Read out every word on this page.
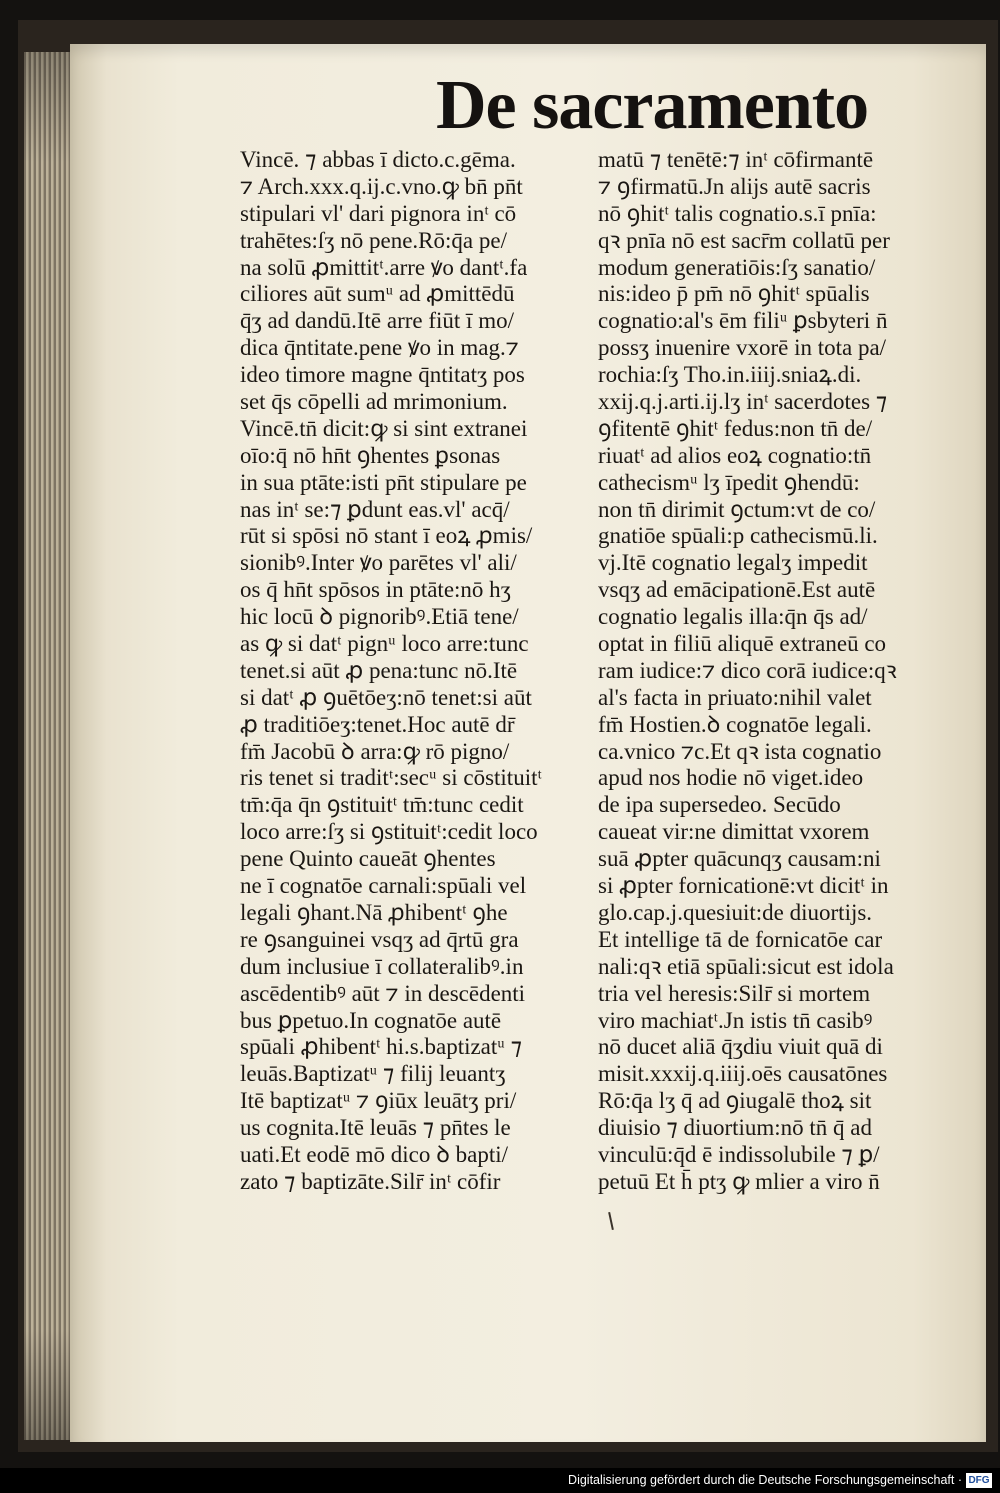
De sacramento
Vincē. ⁊ abbas ī dicto.c.gēma.
⁊ Arch.xxx.q.ij.c.vno.ꝙ bn̄ pn̄t
stipulari vl' dari pignora inᵗ cō
trahētes:ſʒ nō pene.Rō:q̄a pe/
na solū ꝓmittitᵗ.arre ꝟo dantᵗ.fa
ciliores aūt sumᵘ ad ꝓmittēdū
q̄ʒ ad dandū.Itē arre fiūt ī mo/
dica q̄ntitate.pene ꝟo in mag.⁊
ideo timore magne q̄ntitatʒ pos
set q̄s cōpelli ad mrimonium.
Vincē.tn̄ dicit:ꝙ si sint extranei
oīo:q̄ nō hn̄t ꝯhentes ꝑsonas
in sua ptāte:isti pn̄t stipulare pe
nas inᵗ se:⁊ ꝑdunt eas.vl' acq̄/
rūt si spōsi nō stant ī eoꝝ ꝓmis/
sionibꝰ.Inter ꝟo parētes vl' ali/
os q̄ hn̄t spōsos in ptāte:nō hʒ
hic locū ꝺ pignoribꝰ.Etiā tene/
as ꝙ si datᵗ pignᵘ loco arre:tunc
tenet.si aūt ꝓ pena:tunc nō.Itē
si datᵗ ꝓ ꝯuētōeʒ:nō tenet:si aūt
ꝓ traditiōeʒ:tenet.Hoc autē dr̄
fm̄ Jacobū ꝺ arra:ꝙ rō pigno/
ris tenet si traditᵗ:secᵘ si cōstituitᵗ
tm̄:q̄a q̄n ꝯstituitᵗ tm̄:tunc cedit
loco arre:ſʒ si ꝯstituitᵗ:cedit loco
pene Quinto caueāt ꝯhentes
ne ī cognatōe carnali:spūali vel
legali ꝯhant.Nā ꝓhibentᵗ ꝯhe
re ꝯsanguinei vsqʒ ad q̄rtū gra
dum inclusiue ī collateralibꝰ.in
ascēdentibꝰ aūt ⁊ in descēdenti
bus ꝑpetuo.In cognatōe autē
spūali ꝓhibentᵗ hi.s.baptizatᵘ ⁊
leuās.Baptizatᵘ ⁊ filij leuantʒ
Itē baptizatᵘ ⁊ ꝯiūx leuātʒ pri/
us cognita.Itē leuās ⁊ pn̄tes le
uati.Et eodē mō dico ꝺ bapti/
zato ⁊ baptizāte.Silr̄ inᵗ cōfir
matū ⁊ tenētē:⁊ inᵗ cōfirmantē
⁊ ꝯfirmatū.Jn alijs autē sacris
nō ꝯhitᵗ talis cognatio.s.ī pnīa:
qꝛ pnīa nō est sacr̄m collatū per
modum generatiōis:ſʒ sanatio/
nis:ideo p̄ pm̄ nō ꝯhitᵗ spūalis
cognatio:al's ēm filiᵘ ꝑsbyteri n̄
possʒ inuenire vxorē in tota pa/
rochia:ſʒ Tho.in.iiij.sniaꝝ.di.
xxij.q.j.arti.ij.lʒ inᵗ sacerdotes ⁊
ꝯfitentē ꝯhitᵗ fedus:non tn̄ de/
riuatᵗ ad alios eoꝝ cognatio:tn̄
cathecismᵘ lʒ īpedit ꝯhendū:
non tn̄ dirimit ꝯctum:vt de co/
gnatiōe spūali:p cathecismū.li.
vj.Itē cognatio legalʒ impedit
vsqʒ ad emācipationē.Est autē
cognatio legalis illa:q̄n q̄s ad/
optat in filiū aliquē extraneū co
ram iudice:⁊ dico corā iudice:qꝛ
al's facta in priuato:nihil valet
fm̄ Hostien.ꝺ cognatōe legali.
ca.vnico ⁊c.Et qꝛ ista cognatio
apud nos hodie nō viget.ideo
de ipa supersedeo. Secūdo
caueat vir:ne dimittat vxorem
suā ꝓpter quācunqʒ causam:ni
si ꝓpter fornicationē:vt dicitᵗ in
glo.cap.j.quesiuit:de diuortijs.
Et intellige tā de fornicatōe car
nali:qꝛ etiā spūali:sicut est idola
tria vel heresis:Silr̄ si mortem
viro machiatᵗ.Jn istis tn̄ casibꝰ
nō ducet aliā q̄ʒdiu viuit quā di
misit.xxxij.q.iiij.oēs causatōnes
Rō:q̄a lʒ q̄ ad ꝯiugalē thoꝝ sit
diuisio ⁊ diuortium:nō tn̄ q̄ ad
vinculū:q̄d ē indissolubile ⁊ ꝑ/
petuū Et h̄ ptʒ ꝙ mlier a viro n̄
Digitalisierung gefördert durch die Deutsche Forschungsgemeinschaft · DFG
